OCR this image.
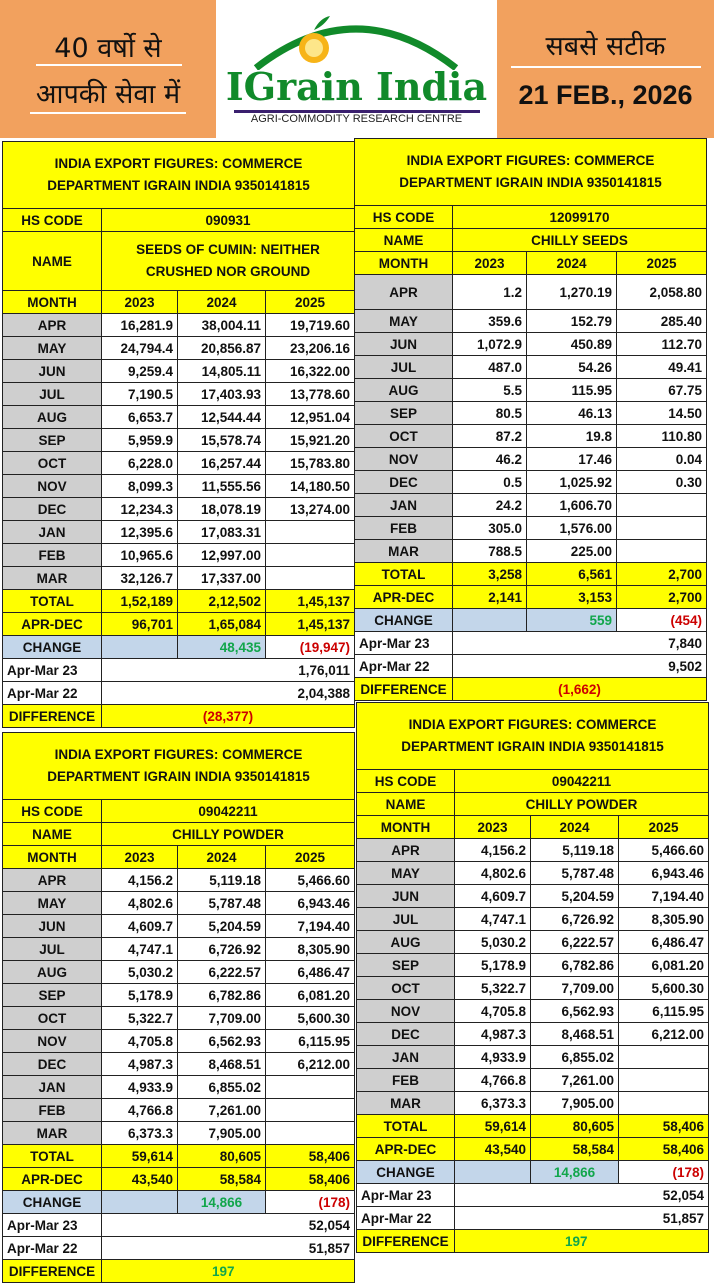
40 वर्षो से
आपकी सेवा में	IGrain India
AGRI-COMMODITY RESEARCH CENTRE
सबसे सटीक
21 FEB., 2026
INDIA EXPORT FIGURES: COMMERCE DEPARTMENT IGRAIN INDIA 9350141815			
HS CODE	090931		
NAME	SEEDS OF CUMIN: NEITHER CRUSHED NOR GROUND		
MONTH	2023	2024	2025
APR	16,281.9	38,004.11	19,719.60
MAY	24,794.4	20,856.87	23,206.16
JUN	9,259.4	14,805.11	16,322.00
JUL	7,190.5	17,403.93	13,778.60
AUG	6,653.7	12,544.44	12,951.04
SEP	5,959.9	15,578.74	15,921.20
OCT	6,228.0	16,257.44	15,783.80
NOV	8,099.3	11,555.56	14,180.50
DEC	12,234.3	18,078.19	13,274.00
JAN	12,395.6	17,083.31	
FEB	10,965.6	12,997.00	
MAR	32,126.7	17,337.00	
TOTAL	1,52,189	2,12,502	1,45,137
APR-DEC	96,701	1,65,084	1,45,137
CHANGE		48,435	(19,947)
Apr-Mar 23	1,76,011		
Apr-Mar 22	2,04,388		
DIFFERENCE	(28,377)		
INDIA EXPORT FIGURES: COMMERCE DEPARTMENT IGRAIN INDIA 9350141815			
HS CODE	12099170		
NAME	CHILLY SEEDS		
MONTH	2023	2024	2025
APR	1.2	1,270.19	2,058.80
MAY	359.6	152.79	285.40
JUN	1,072.9	450.89	112.70
JUL	487.0	54.26	49.41
AUG	5.5	115.95	67.75
SEP	80.5	46.13	14.50
OCT	87.2	19.8	110.80
NOV	46.2	17.46	0.04
DEC	0.5	1,025.92	0.30
JAN	24.2	1,606.70	
FEB	305.0	1,576.00	
MAR	788.5	225.00	
TOTAL	3,258	6,561	2,700
APR-DEC	2,141	3,153	2,700
CHANGE		559	(454)
Apr-Mar 23	7,840		
Apr-Mar 22	9,502		
DIFFERENCE	(1,662)		
INDIA EXPORT FIGURES: COMMERCE DEPARTMENT IGRAIN INDIA 9350141815			
HS CODE	09042211		
NAME	CHILLY POWDER		
MONTH	2023	2024	2025
APR	4,156.2	5,119.18	5,466.60
MAY	4,802.6	5,787.48	6,943.46
JUN	4,609.7	5,204.59	7,194.40
JUL	4,747.1	6,726.92	8,305.90
AUG	5,030.2	6,222.57	6,486.47
SEP	5,178.9	6,782.86	6,081.20
OCT	5,322.7	7,709.00	5,600.30
NOV	4,705.8	6,562.93	6,115.95
DEC	4,987.3	8,468.51	6,212.00
JAN	4,933.9	6,855.02	
FEB	4,766.8	7,261.00	
MAR	6,373.3	7,905.00	
TOTAL	59,614	80,605	58,406
APR-DEC	43,540	58,584	58,406
CHANGE		14,866	(178)
Apr-Mar 23	52,054		
Apr-Mar 22	51,857		
DIFFERENCE	197		
INDIA EXPORT FIGURES: COMMERCE DEPARTMENT IGRAIN INDIA 9350141815			
HS CODE	09042211		
NAME	CHILLY POWDER		
MONTH	2023	2024	2025
APR	4,156.2	5,119.18	5,466.60
MAY	4,802.6	5,787.48	6,943.46
JUN	4,609.7	5,204.59	7,194.40
JUL	4,747.1	6,726.92	8,305.90
AUG	5,030.2	6,222.57	6,486.47
SEP	5,178.9	6,782.86	6,081.20
OCT	5,322.7	7,709.00	5,600.30
NOV	4,705.8	6,562.93	6,115.95
DEC	4,987.3	8,468.51	6,212.00
JAN	4,933.9	6,855.02	
FEB	4,766.8	7,261.00	
MAR	6,373.3	7,905.00	
TOTAL	59,614	80,605	58,406
APR-DEC	43,540	58,584	58,406
CHANGE		14,866	(178)
Apr-Mar 23	52,054		
Apr-Mar 22	51,857		
DIFFERENCE	197		
